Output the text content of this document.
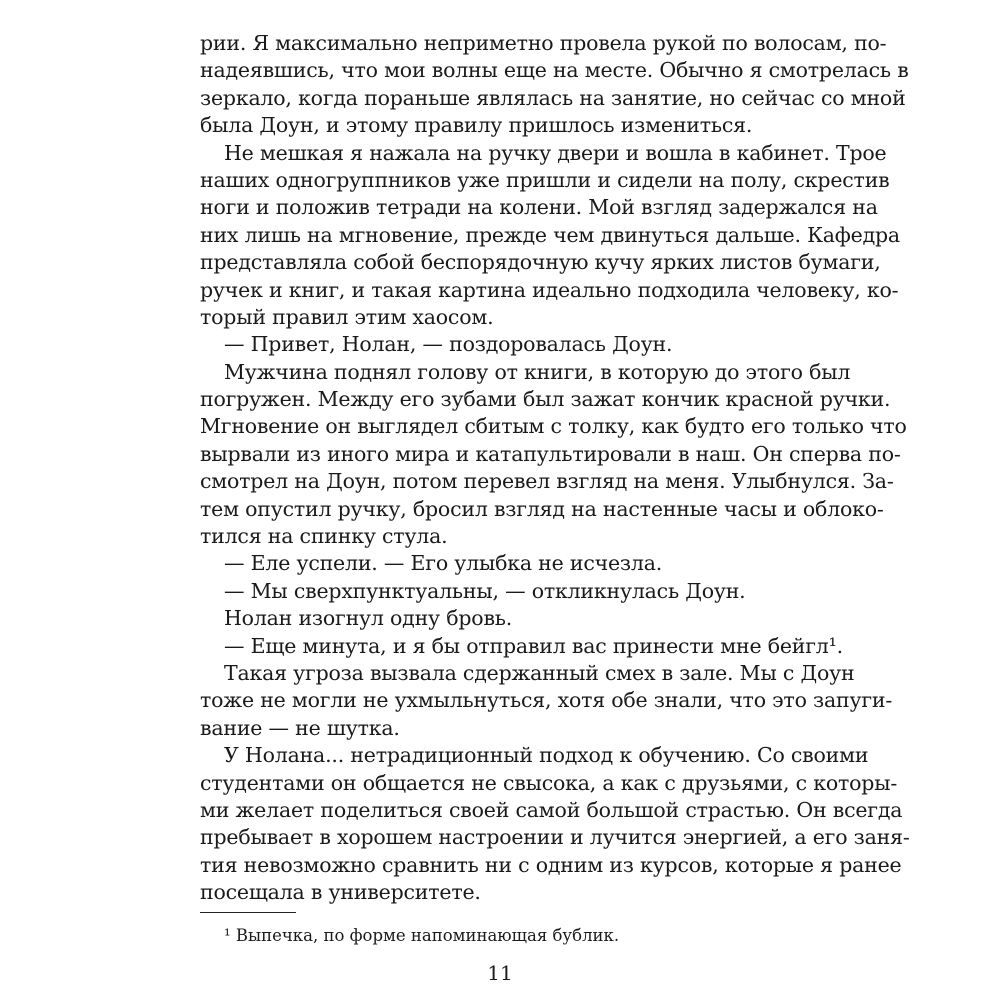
рии. Я максимально неприметно провела рукой по волосам, по-
надеявшись, что мои волны еще на месте. Обычно я смотрелась в
зеркало, когда пораньше являлась на занятие, но сейчас со мной
была Доун, и этому правилу пришлось измениться.
Не мешкая я нажала на ручку двери и вошла в кабинет. Трое
наших одногруппников уже пришли и сидели на полу, скрестив
ноги и положив тетради на колени. Мой взгляд задержался на
них лишь на мгновение, прежде чем двинуться дальше. Кафедра
представляла собой беспорядочную кучу ярких листов бумаги,
ручек и книг, и такая картина идеально подходила человеку, ко-
торый правил этим хаосом.
— Привет, Нолан, — поздоровалась Доун.
Мужчина поднял голову от книги, в которую до этого был
погружен. Между его зубами был зажат кончик красной ручки.
Мгновение он выглядел сбитым с толку, как будто его только что
вырвали из иного мира и катапультировали в наш. Он сперва по-
смотрел на Доун, потом перевел взгляд на меня. Улыбнулся. За-
тем опустил ручку, бросил взгляд на настенные часы и облоко-
тился на спинку стула.
— Еле успели. — Его улыбка не исчезла.
— Мы сверхпунктуальны, — откликнулась Доун.
Нолан изогнул одну бровь.
— Еще минута, и я бы отправил вас принести мне бейгл¹.
Такая угроза вызвала сдержанный смех в зале. Мы с Доун
тоже не могли не ухмыльнуться, хотя обе знали, что это запуги-
вание — не шутка.
У Нолана... нетрадиционный подход к обучению. Со своими
студентами он общается не свысока, а как с друзьями, с которы-
ми желает поделиться своей самой большой страстью. Он всегда
пребывает в хорошем настроении и лучится энергией, а его заня-
тия невозможно сравнить ни с одним из курсов, которые я ранее
посещала в университете.
¹ Выпечка, по форме напоминающая бублик.
11
